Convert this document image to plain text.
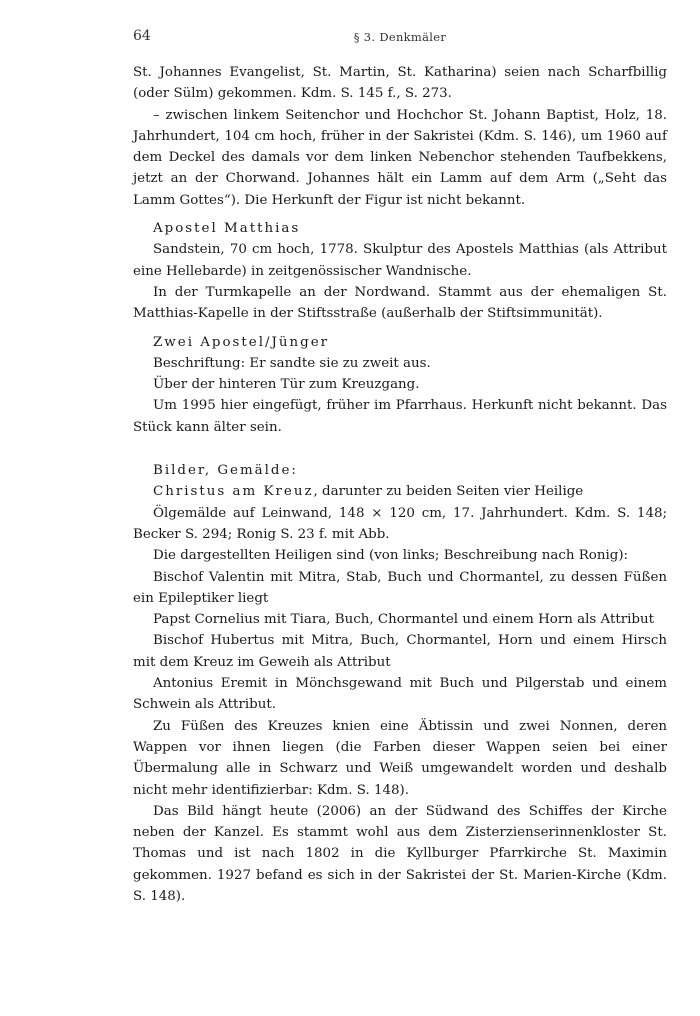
64	§ 3. Denkmäler

St. Johannes Evangelist, St. Martin, St. Katharina) seien nach Scharfbillig (oder Sülm) gekommen. Kdm. S. 145 f., S. 273.

– zwischen linkem Seitenchor und Hochchor St. Johann Baptist, Holz, 18. Jahrhundert, 104 cm hoch, früher in der Sakristei (Kdm. S. 146), um 1960 auf dem Deckel des damals vor dem linken Nebenchor stehenden Taufbekkens, jetzt an der Chorwand. Johannes hält ein Lamm auf dem Arm („Seht das Lamm Gottes“). Die Herkunft der Figur ist nicht bekannt.

Apostel Matthias

Sandstein, 70 cm hoch, 1778. Skulptur des Apostels Matthias (als Attribut eine Hellebarde) in zeitgenössischer Wandnische.

In der Turmkapelle an der Nordwand. Stammt aus der ehemaligen St. Matthias-Kapelle in der Stiftsstraße (außerhalb der Stiftsimmunität).

Zwei Apostel/Jünger

Beschriftung: Er sandte sie zu zweit aus.

Über der hinteren Tür zum Kreuzgang.

Um 1995 hier eingefügt, früher im Pfarrhaus. Herkunft nicht bekannt. Das Stück kann älter sein.

Bilder, Gemälde:

Christus am Kreuz, darunter zu beiden Seiten vier Heilige

Ölgemälde auf Leinwand, 148 × 120 cm, 17. Jahrhundert. Kdm. S. 148; Becker S. 294; Ronig S. 23 f. mit Abb.

Die dargestellten Heiligen sind (von links; Beschreibung nach Ronig):

Bischof Valentin mit Mitra, Stab, Buch und Chormantel, zu dessen Füßen ein Epileptiker liegt

Papst Cornelius mit Tiara, Buch, Chormantel und einem Horn als Attribut

Bischof Hubertus mit Mitra, Buch, Chormantel, Horn und einem Hirsch mit dem Kreuz im Geweih als Attribut

Antonius Eremit in Mönchsgewand mit Buch und Pilgerstab und einem Schwein als Attribut.

Zu Füßen des Kreuzes knien eine Äbtissin und zwei Nonnen, deren Wappen vor ihnen liegen (die Farben dieser Wappen seien bei einer Übermalung alle in Schwarz und Weiß umgewandelt worden und deshalb nicht mehr identifizierbar: Kdm. S. 148).

Das Bild hängt heute (2006) an der Südwand des Schiffes der Kirche neben der Kanzel. Es stammt wohl aus dem Zisterzienserinnenkloster St. Thomas und ist nach 1802 in die Kyllburger Pfarrkirche St. Maximin gekommen. 1927 befand es sich in der Sakristei der St. Marien-Kirche (Kdm. S. 148).
